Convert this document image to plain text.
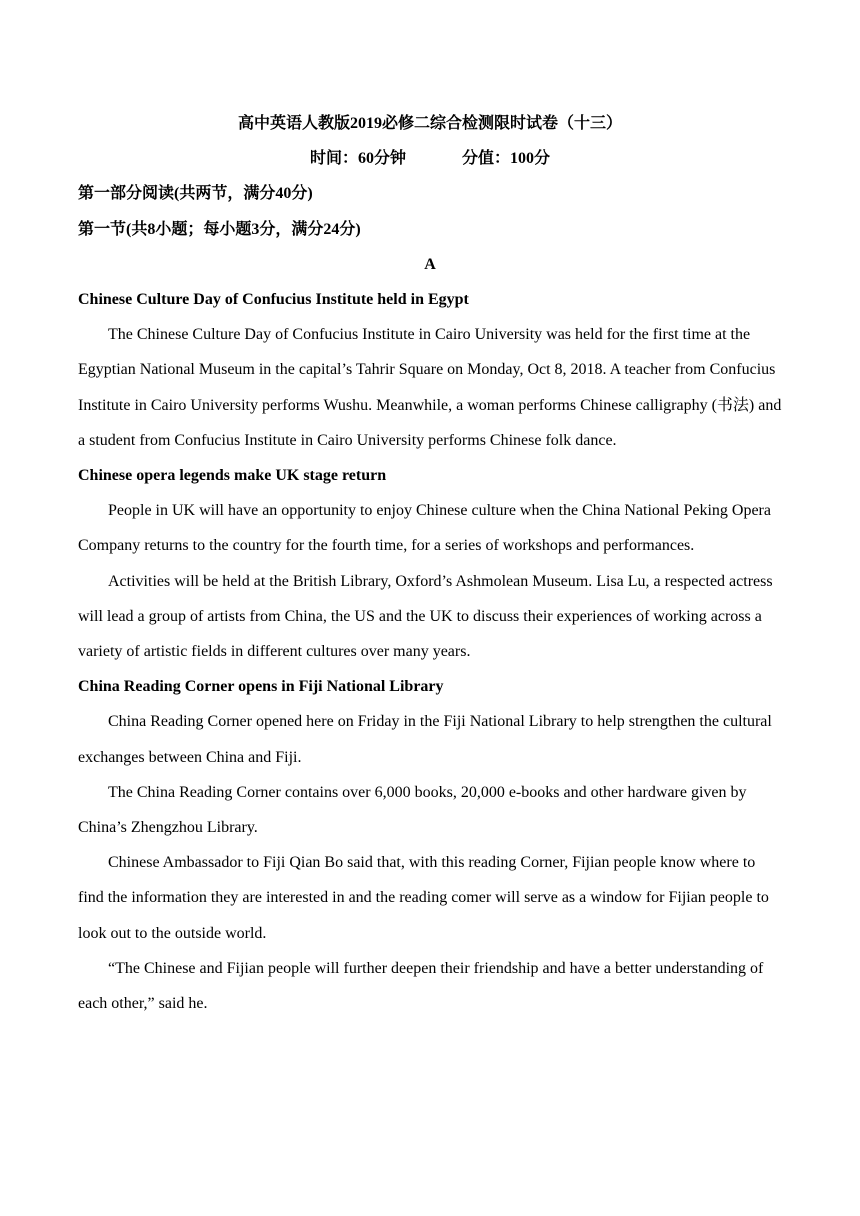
高中英语人教版2019必修二综合检测限时试卷（十三）
时间：60分钟	分值：100分
第一部分阅读(共两节，满分40分)
第一节(共8小题；每小题3分，满分24分)
A

Chinese Culture Day of Confucius Institute held in Egypt

The Chinese Culture Day of Confucius Institute in Cairo University was held for the first time at the Egyptian National Museum in the capital’s Tahrir Square on Monday, Oct 8, 2018. A teacher from Confucius Institute in Cairo University performs Wushu. Meanwhile, a woman performs Chinese calligraphy (书法) and a student from Confucius Institute in Cairo University performs Chinese folk dance.

Chinese opera legends make UK stage return

People in UK will have an opportunity to enjoy Chinese culture when the China National Peking Opera Company returns to the country for the fourth time, for a series of workshops and performances.

Activities will be held at the British Library, Oxford’s Ashmolean Museum. Lisa Lu, a respected actress will lead a group of artists from China, the US and the UK to discuss their experiences of working across a variety of artistic fields in different cultures over many years.

China Reading Corner opens in Fiji National Library

China Reading Corner opened here on Friday in the Fiji National Library to help strengthen the cultural exchanges between China and Fiji.

The China Reading Corner contains over 6,000 books, 20,000 e-books and other hardware given by China’s Zhengzhou Library.

Chinese Ambassador to Fiji Qian Bo said that, with this reading Corner, Fijian people know where to find the information they are interested in and the reading comer will serve as a window for Fijian people to look out to the outside world.

“The Chinese and Fijian people will further deepen their friendship and have a better understanding of each other,” said he.
